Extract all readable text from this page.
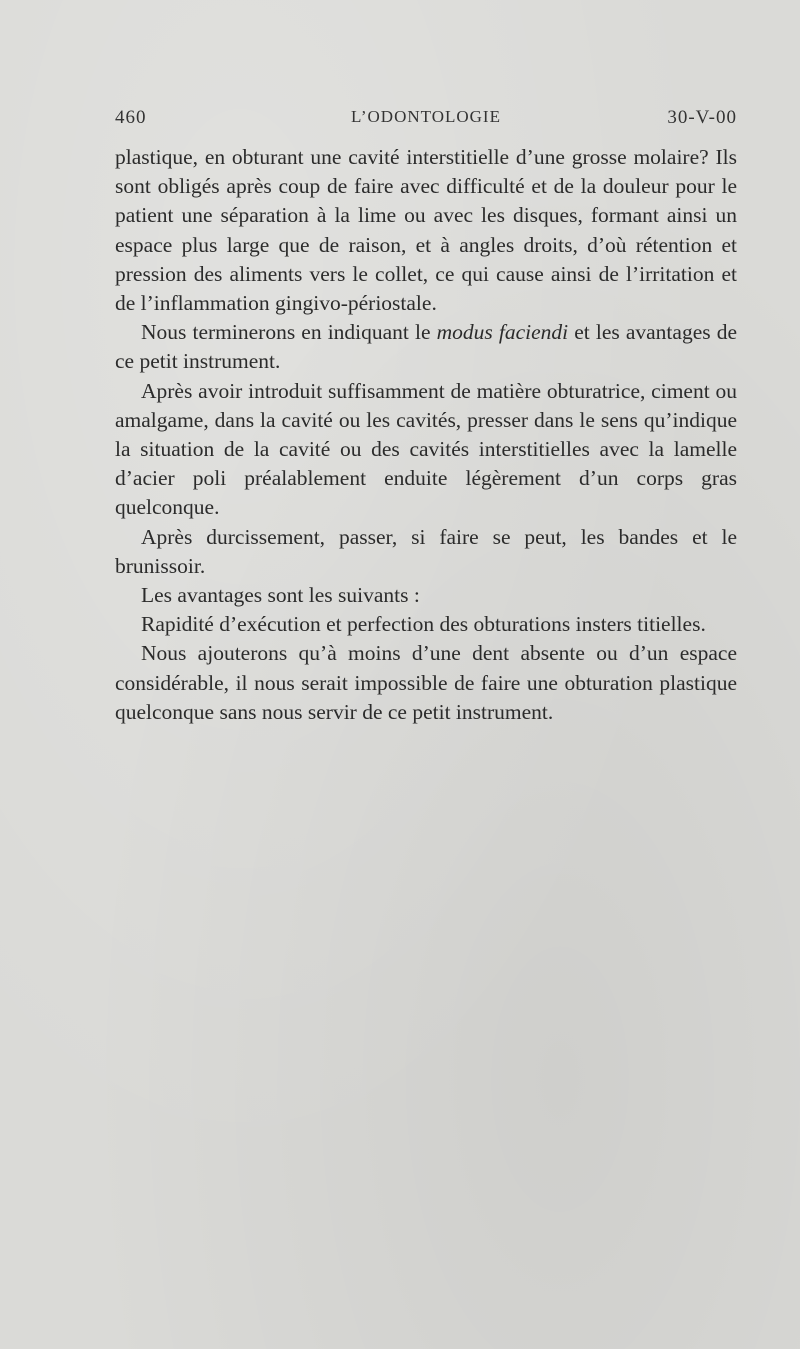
460	L’ODONTOLOGIE	30-V-00

plastique, en obturant une cavité interstitielle d’une grosse molaire? Ils sont obligés après coup de faire avec difficulté et de la douleur pour le patient une séparation à la lime ou avec les disques, formant ainsi un espace plus large que de raison, et à angles droits, d’où rétention et pression des aliments vers le collet, ce qui cause ainsi de l’irritation et de l’inflammation gingivo-périostale.

Nous terminerons en indiquant le modus faciendi et les avantages de ce petit instrument.

Après avoir introduit suffisamment de matière obturatrice, ciment ou amalgame, dans la cavité ou les cavités, presser dans le sens qu’indique la situation de la cavité ou des cavités interstitielles avec la lamelle d’acier poli préalablement enduite légèrement d’un corps gras quelconque.

Après durcissement, passer, si faire se peut, les bandes et le brunissoir.

Les avantages sont les suivants :

Rapidité d’exécution et perfection des obturations insters titielles.

Nous ajouterons qu’à moins d’une dent absente ou d’un espace considérable, il nous serait impossible de faire une obturation plastique quelconque sans nous servir de ce petit instrument.
